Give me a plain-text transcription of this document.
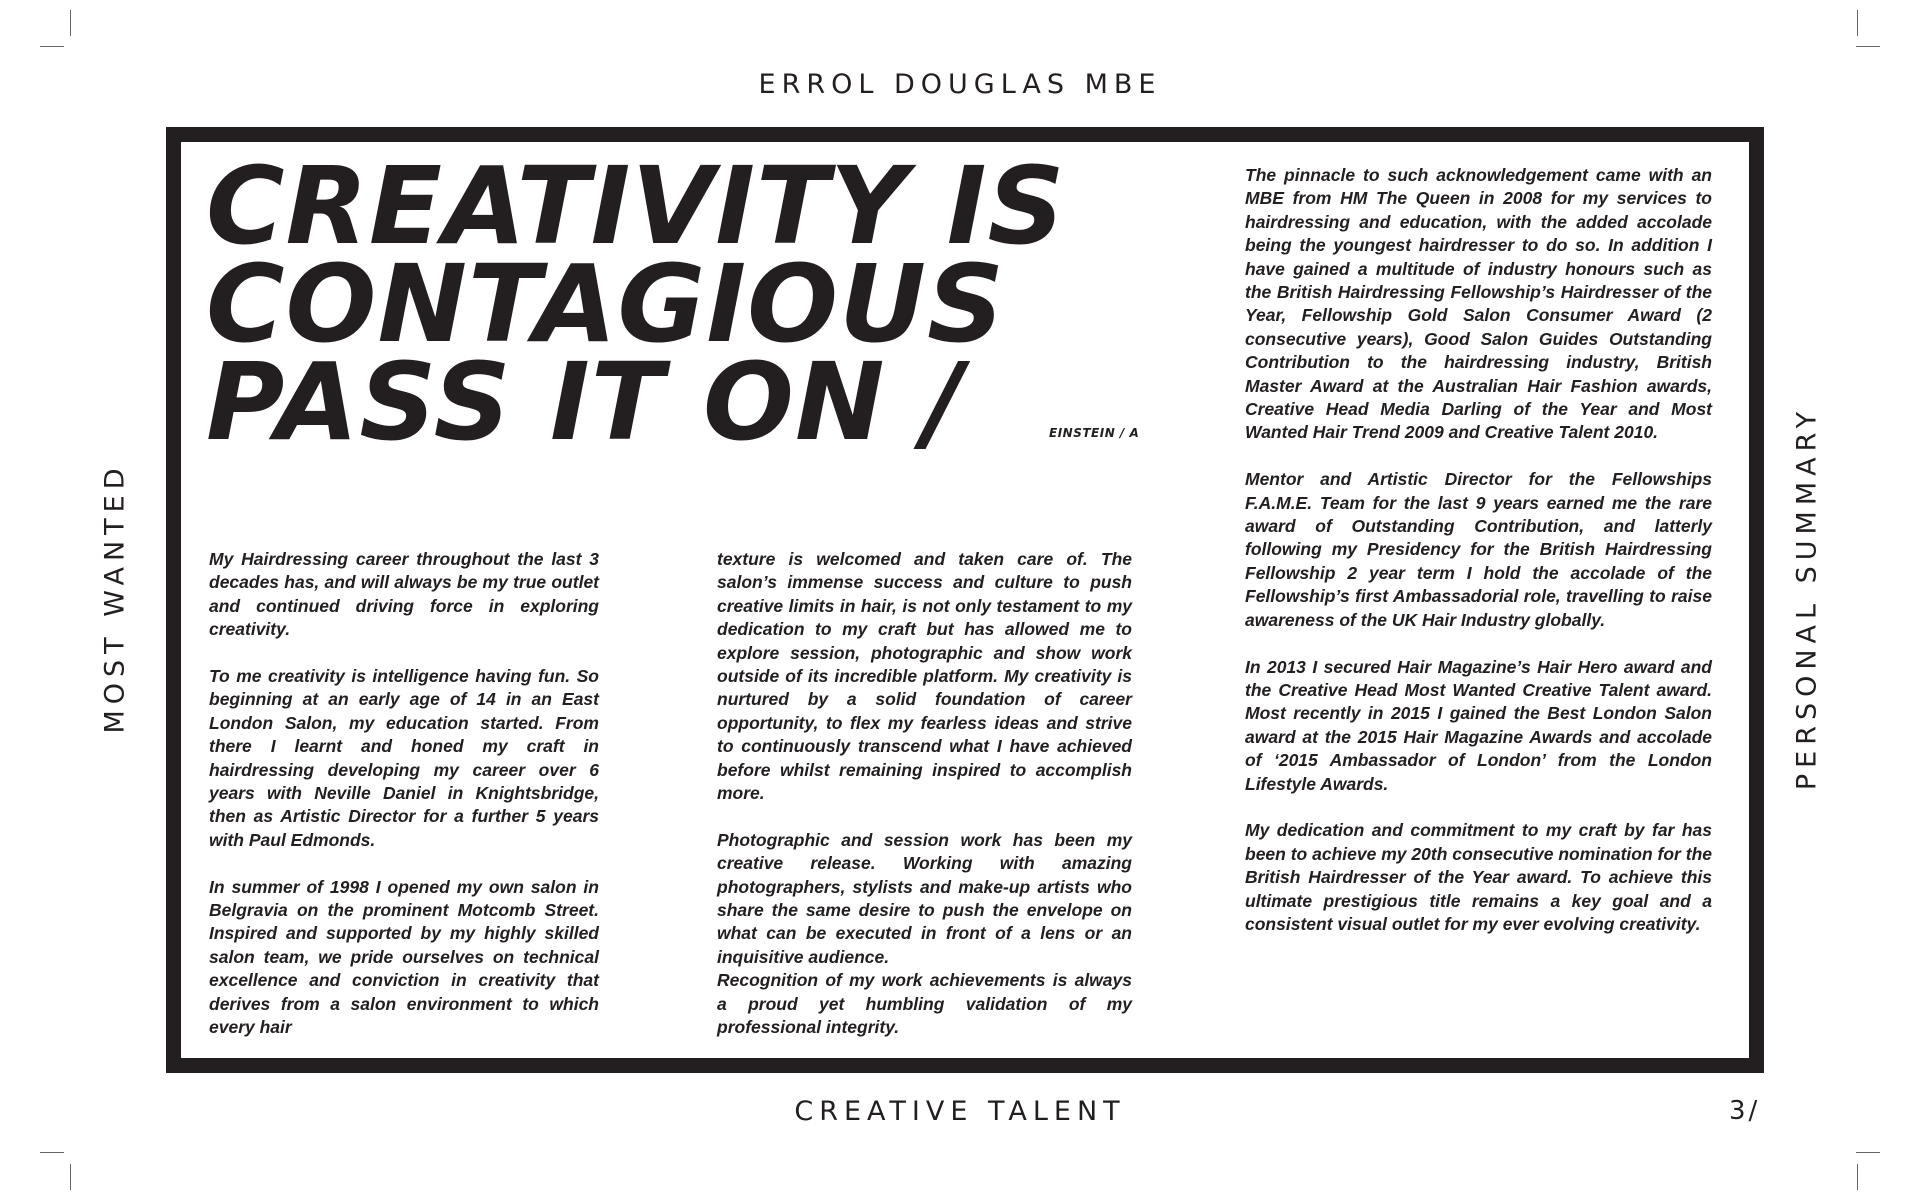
ERROL DOUGLAS MBE
CREATIVE TALENT	3/
MOST WANTED	PERSONAL SUMMARY
CREATIVITY IS
CONTAGIOUS
PASS IT ON /	EINSTEIN / A

My Hairdressing career throughout the last 3 decades has, and will always be my true outlet and continued driving force in exploring creativity.

To me creativity is intelligence having fun. So beginning at an early age of 14 in an East London Salon, my education started. From there I learnt and honed my craft in hairdressing developing my career over 6 years with Neville Daniel in Knightsbridge, then as Artistic Director for a further 5 years with Paul Edmonds.

In summer of 1998 I opened my own salon in Belgravia on the prominent Motcomb Street. Inspired and supported by my highly skilled salon team, we pride ourselves on technical excellence and conviction in creativity that derives from a salon environment to which every hair

texture is welcomed and taken care of. The salon’s immense success and culture to push creative limits in hair, is not only testament to my dedication to my craft but has allowed me to explore session, photographic and show work outside of its incredible platform. My creativity is nurtured by a solid foundation of career opportunity, to flex my fearless ideas and strive to continuously transcend what I have achieved before whilst remaining inspired to accomplish more.

Photographic and session work has been my creative release. Working with amazing photographers, stylists and make-up artists who share the same desire to push the envelope on what can be executed in front of a lens or an inquisitive audience.

Recognition of my work achievements is always a proud yet humbling validation of my professional integrity.

The pinnacle to such acknowledgement came with an MBE from HM The Queen in 2008 for my services to hairdressing and education, with the added accolade being the youngest hairdresser to do so. In addition I have gained a multitude of industry honours such as the British Hairdressing Fellowship’s Hairdresser of the Year, Fellowship Gold Salon Consumer Award (2 consecutive years), Good Salon Guides Outstanding Contribution to the hairdressing industry, British Master Award at the Australian Hair Fashion awards, Creative Head Media Darling of the Year and Most Wanted Hair Trend 2009 and Creative Talent 2010.

Mentor and Artistic Director for the Fellowships F.A.M.E. Team for the last 9 years earned me the rare award of Outstanding Contribution, and latterly following my Presidency for the British Hairdressing Fellowship 2 year term I hold the accolade of the Fellowship’s first Ambassadorial role, travelling to raise awareness of the UK Hair Industry globally.

In 2013 I secured Hair Magazine’s Hair Hero award and the Creative Head Most Wanted Creative Talent award. Most recently in 2015 I gained the Best London Salon award at the 2015 Hair Magazine Awards and accolade of ‘2015 Ambassador of London’ from the London Lifestyle Awards.

My dedication and commitment to my craft by far has been to achieve my 20th consecutive nomination for the British Hairdresser of the Year award. To achieve this ultimate prestigious title remains a key goal and a consistent visual outlet for my ever evolving creativity.
